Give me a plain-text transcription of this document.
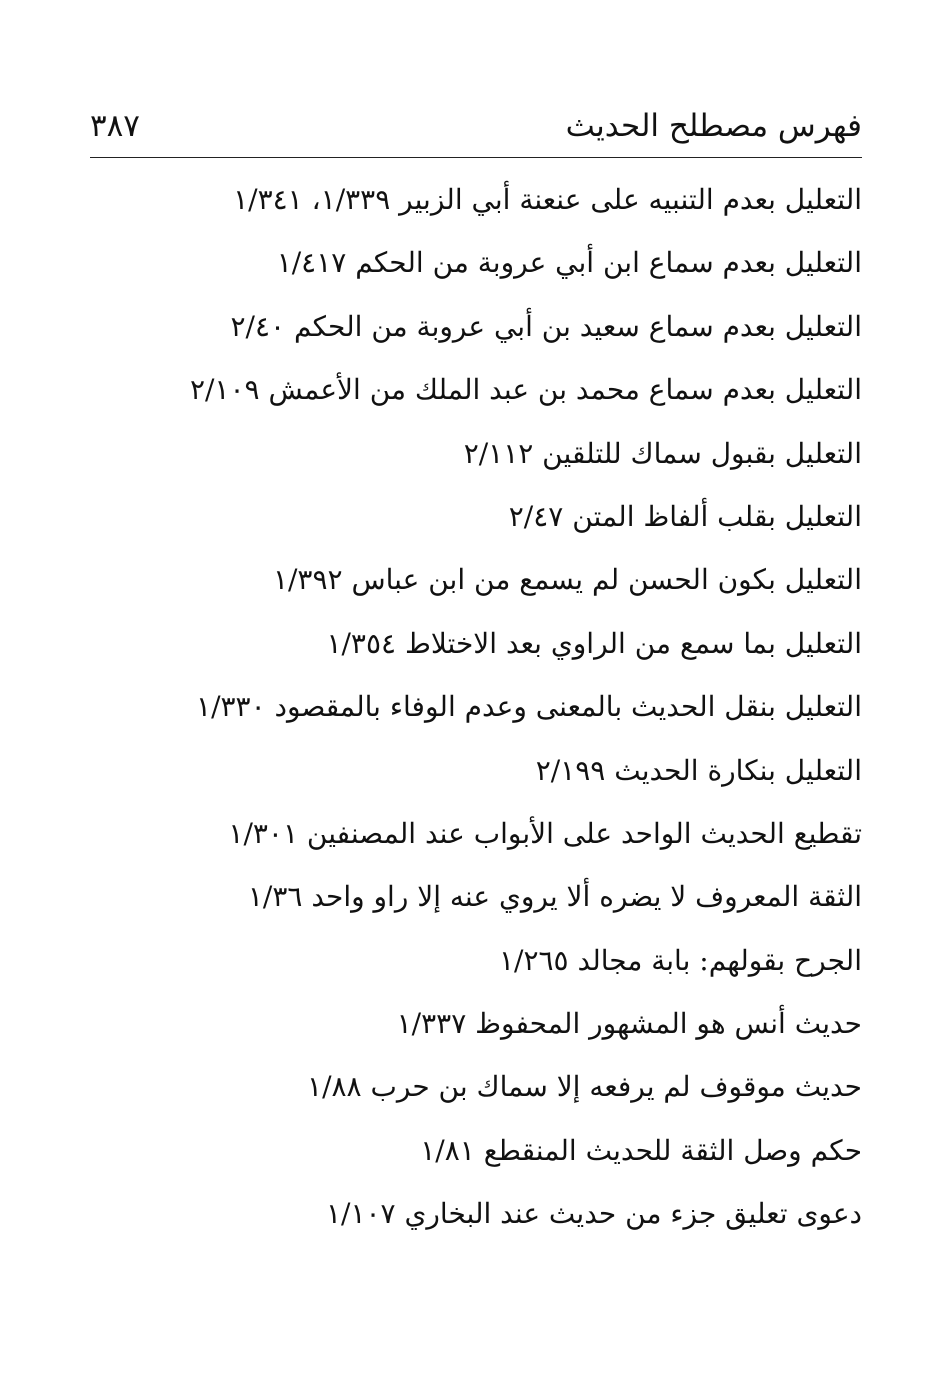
فهرس مصطلح الحديث
٣٨٧
التعليل بعدم التنبيه على عنعنة أبي الزبير ١/٣٣٩، ١/٣٤١
التعليل بعدم سماع ابن أبي عروبة من الحكم ١/٤١٧
التعليل بعدم سماع سعيد بن أبي عروبة من الحكم ٢/٤٠
التعليل بعدم سماع محمد بن عبد الملك من الأعمش ٢/١٠٩
التعليل بقبول سماك للتلقين ٢/١١٢
التعليل بقلب ألفاظ المتن ٢/٤٧
التعليل بكون الحسن لم يسمع من ابن عباس ١/٣٩٢
التعليل بما سمع من الراوي بعد الاختلاط ١/٣٥٤
التعليل بنقل الحديث بالمعنى وعدم الوفاء بالمقصود ١/٣٣٠
التعليل بنكارة الحديث ٢/١٩٩
تقطيع الحديث الواحد على الأبواب عند المصنفين ١/٣٠١
الثقة المعروف لا يضره ألا يروي عنه إلا راو واحد ١/٣٦
الجرح بقولهم: بابة مجالد ١/٢٦٥
حديث أنس هو المشهور المحفوظ ١/٣٣٧
حديث موقوف لم يرفعه إلا سماك بن حرب ١/٨٨
حكم وصل الثقة للحديث المنقطع ١/٨١
دعوى تعليق جزء من حديث عند البخاري ١/١٠٧
